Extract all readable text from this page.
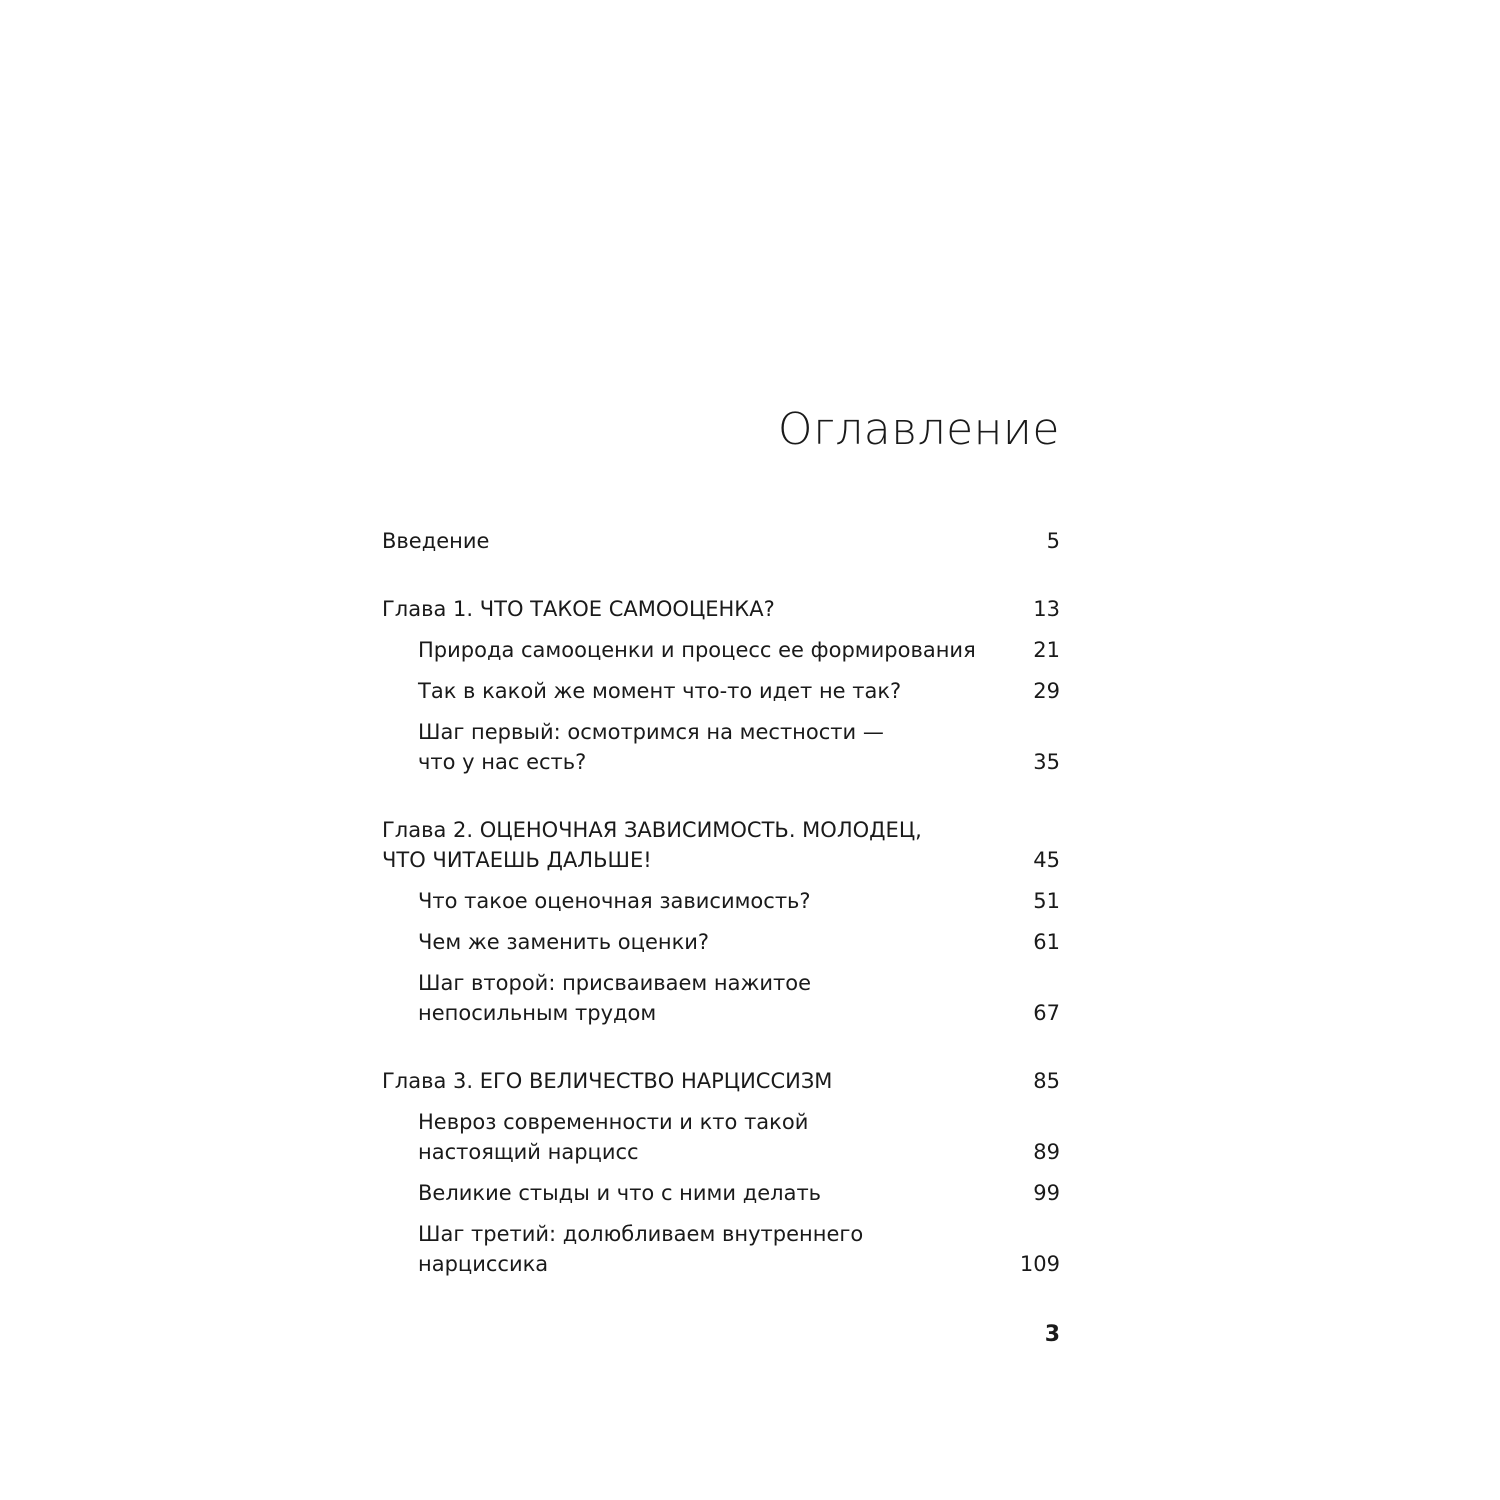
Оглавление
Введение	5
Глава 1. ЧТО ТАКОЕ САМООЦЕНКА?	13
Природа самооценки и процесс ее формирования	21
Так в какой же момент что-то идет не так?	29
Шаг первый: осмотримся на местности —
что у нас есть?	35
Глава 2. ОЦЕНОЧНАЯ ЗАВИСИМОСТЬ. МОЛОДЕЦ,
ЧТО ЧИТАЕШЬ ДАЛЬШЕ!	45
Что такое оценочная зависимость?	51
Чем же заменить оценки?	61
Шаг второй: присваиваем нажитое
непосильным трудом	67
Глава 3. ЕГО ВЕЛИЧЕСТВО НАРЦИССИЗМ	85
Невроз современности и кто такой
настоящий нарцисс	89
Великие стыды и что с ними делать	99
Шаг третий: долюбливаем внутреннего нарциссика	109
3
